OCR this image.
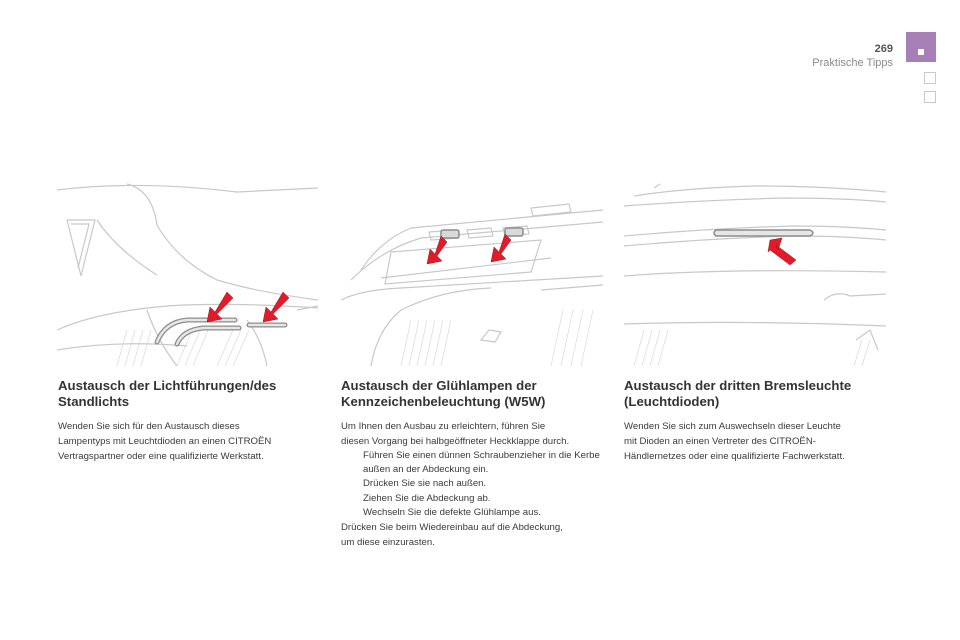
269
Praktische Tipps
Austausch der Lichtführungen/des
Standlichts
Wenden Sie sich für den Austausch dieses
Lampentyps mit Leuchtdioden an einen CITROËN
Vertragspartner oder eine qualifizierte Werkstatt.
Austausch der Glühlampen der
Kennzeichenbeleuchtung (W5W)
Um Ihnen den Ausbau zu erleichtern, führen Sie
diesen Vorgang bei halbgeöffneter Heckklappe durch.
Führen Sie einen dünnen Schraubenzieher in die Kerbe außen an der Abdeckung ein.
Drücken Sie sie nach außen.
Ziehen Sie die Abdeckung ab.
Wechseln Sie die defekte Glühlampe aus.
Drücken Sie beim Wiedereinbau auf die Abdeckung,
um diese einzurasten.
Austausch der dritten Bremsleuchte
(Leuchtdioden)
Wenden Sie sich zum Auswechseln dieser Leuchte
mit Dioden an einen Vertreter des CITROËN-
Händlernetzes oder eine qualifizierte Fachwerkstatt.
